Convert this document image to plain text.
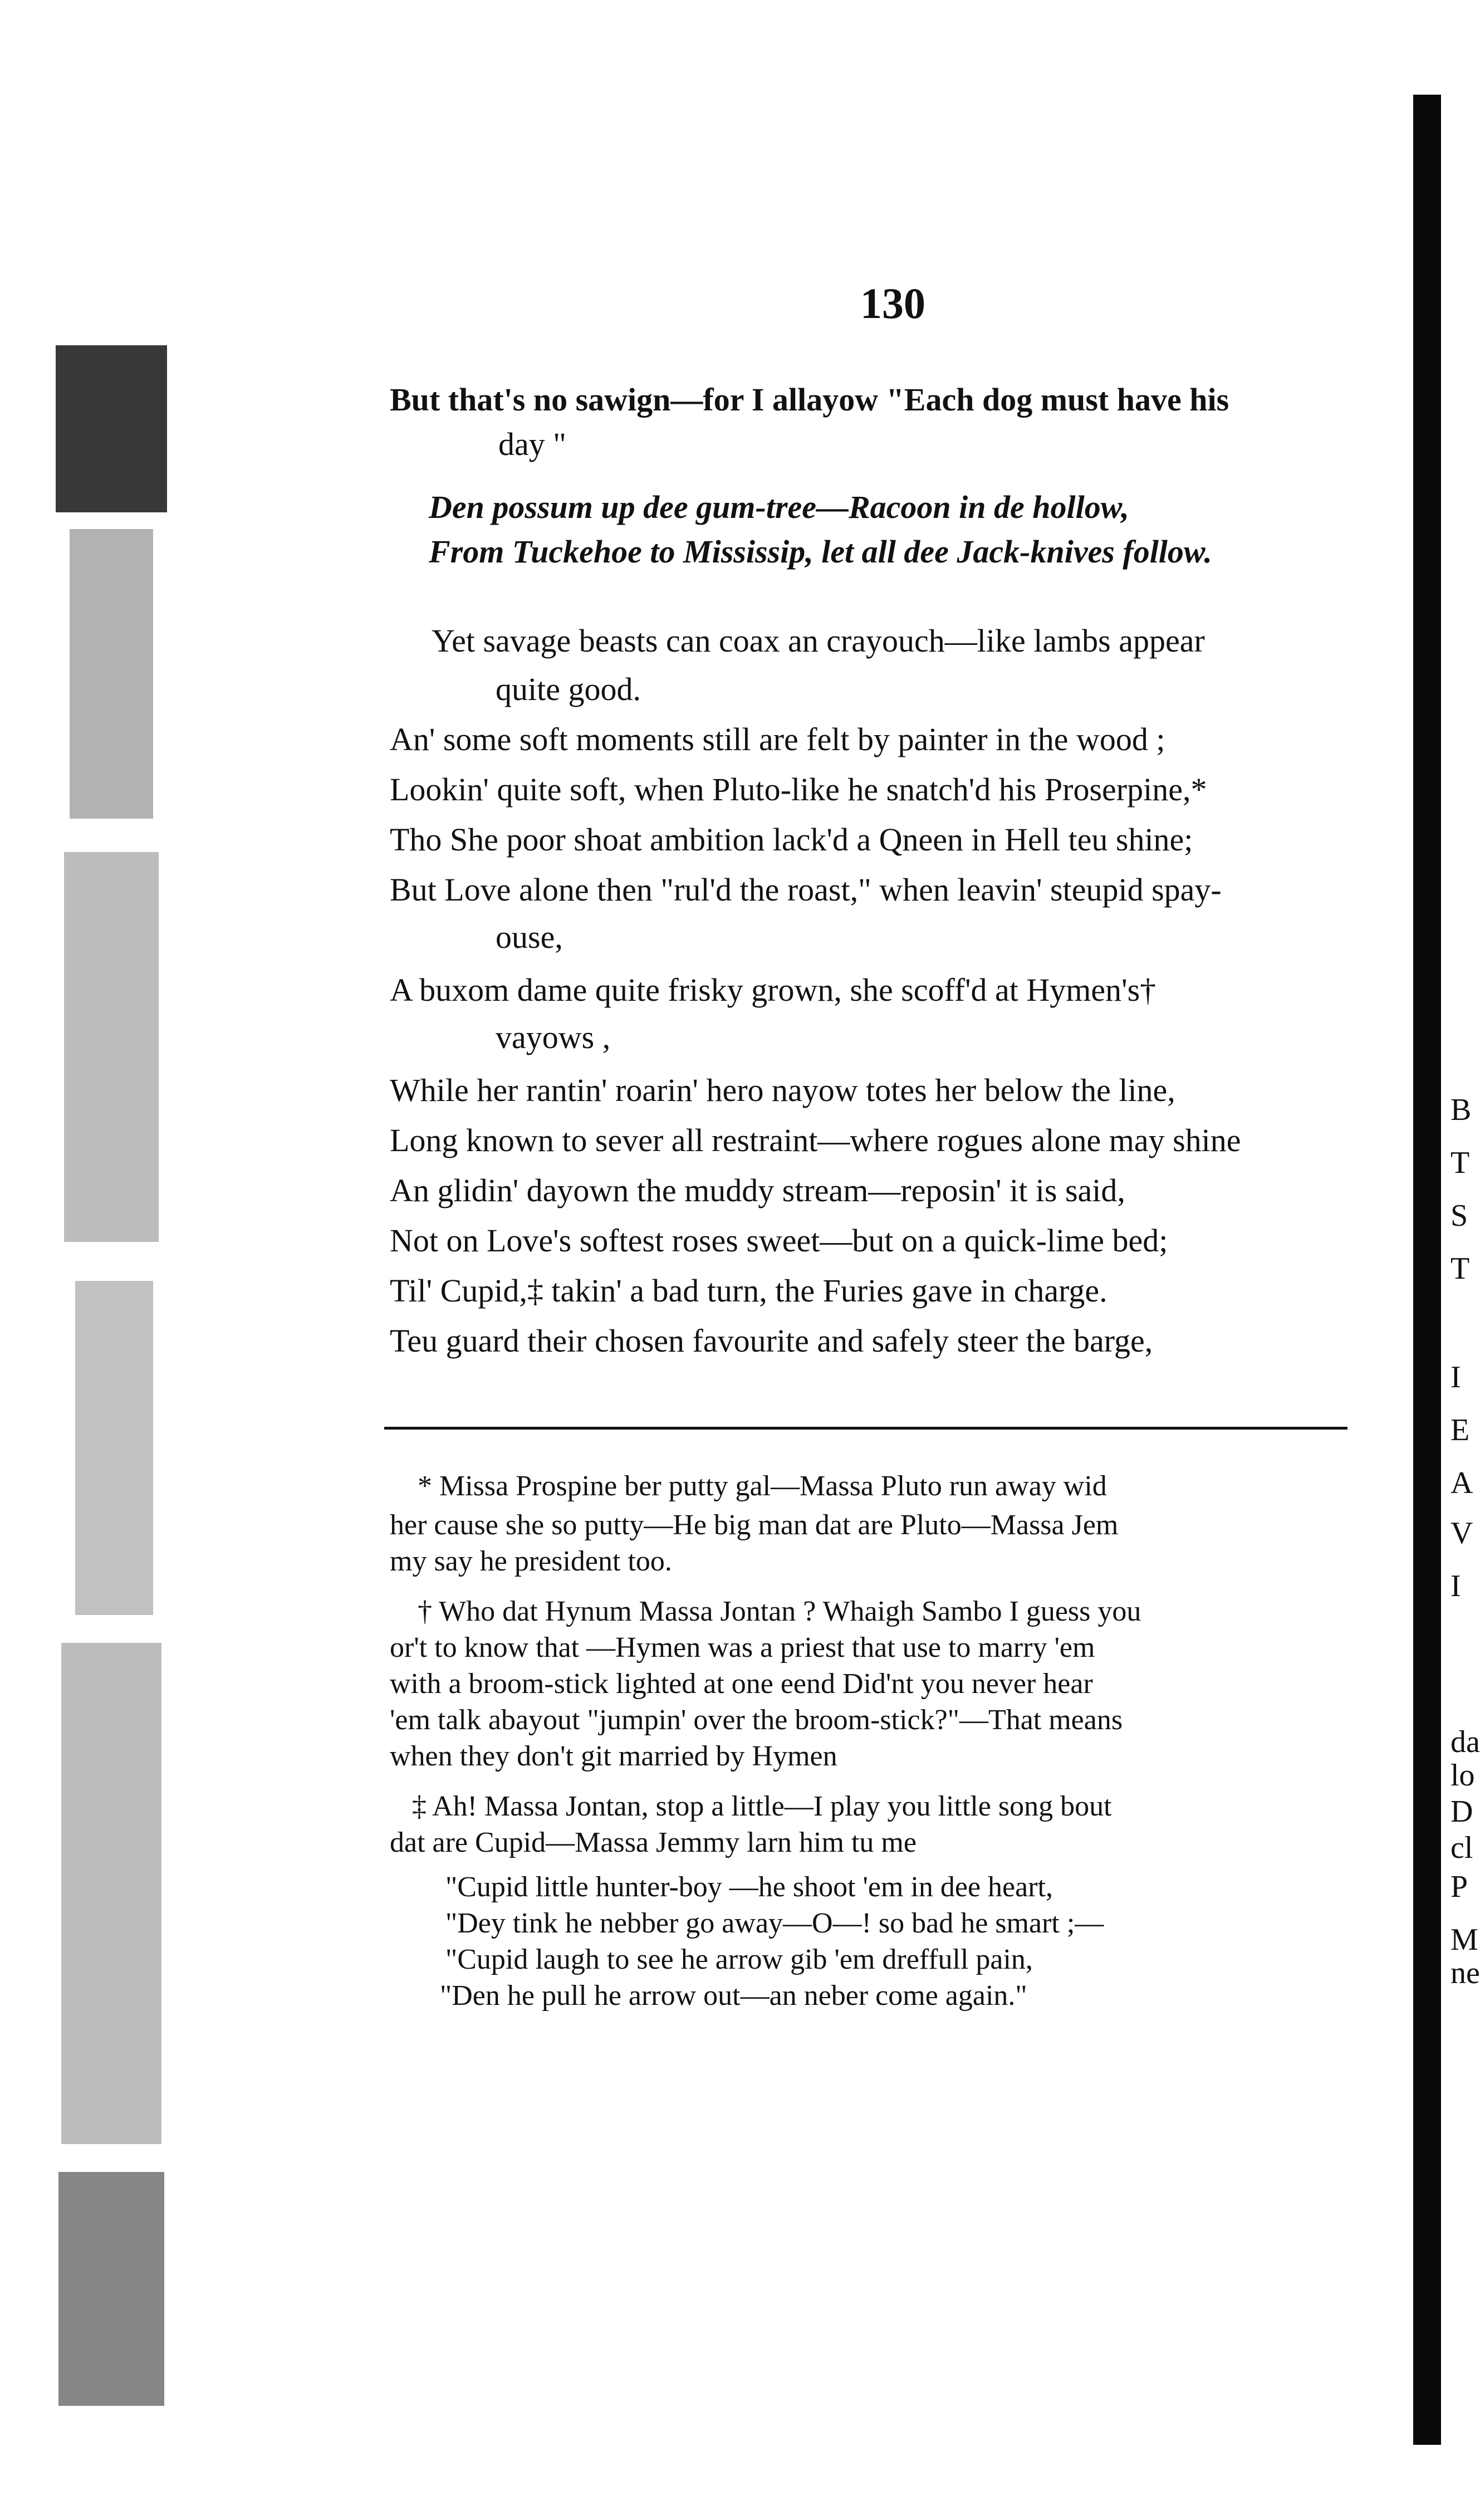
B
T
S
T
I
E
A
V
I
da
lo
D
cl
P
M
ne
130
But that's no sawign—for I allayow "Each dog must have his
day "
Den possum up dee gum-tree—Racoon in de hollow,
From Tuckehoe to Mississip, let all dee Jack-knives follow.
Yet savage beasts can coax an crayouch—like lambs appear
quite good.
An' some soft moments still are felt by painter in the wood ;
Lookin' quite soft, when Pluto-like he snatch'd his Proserpine,*
Tho She poor shoat ambition lack'd a Qneen in Hell teu shine;
But Love alone then "rul'd the roast," when leavin' steupid spay-
ouse,
A buxom dame quite frisky grown, she scoff'd at Hymen's†
vayows ,
While her rantin' roarin' hero nayow totes her below the line,
Long known to sever all restraint—where rogues alone may shine
An glidin' dayown the muddy stream—reposin' it is said,
Not on Love's softest roses sweet—but on a quick-lime bed;
Til' Cupid,‡ takin' a bad turn, the Furies gave in charge.
Teu guard their chosen favourite and safely steer the barge,
* Missa Prospine ber putty gal—Massa Pluto run away wid
her cause she so putty—He big man dat are Pluto—Massa Jem
my say he president too.
† Who dat Hynum Massa Jontan ? Whaigh Sambo I guess you
or't to know that —Hymen was a priest that use to marry 'em
with a broom-stick lighted at one eend Did'nt you never hear
'em talk abayout "jumpin' over the broom-stick?"—That means
when they don't git married by Hymen
‡ Ah! Massa Jontan, stop a little—I play you little song bout
dat are Cupid—Massa Jemmy larn him tu me
"Cupid little hunter-boy —he shoot 'em in dee heart,
"Dey tink he nebber go away—O—! so bad he smart ;—
"Cupid laugh to see he arrow gib 'em dreffull pain,
"Den he pull he arrow out—an neber come again."
